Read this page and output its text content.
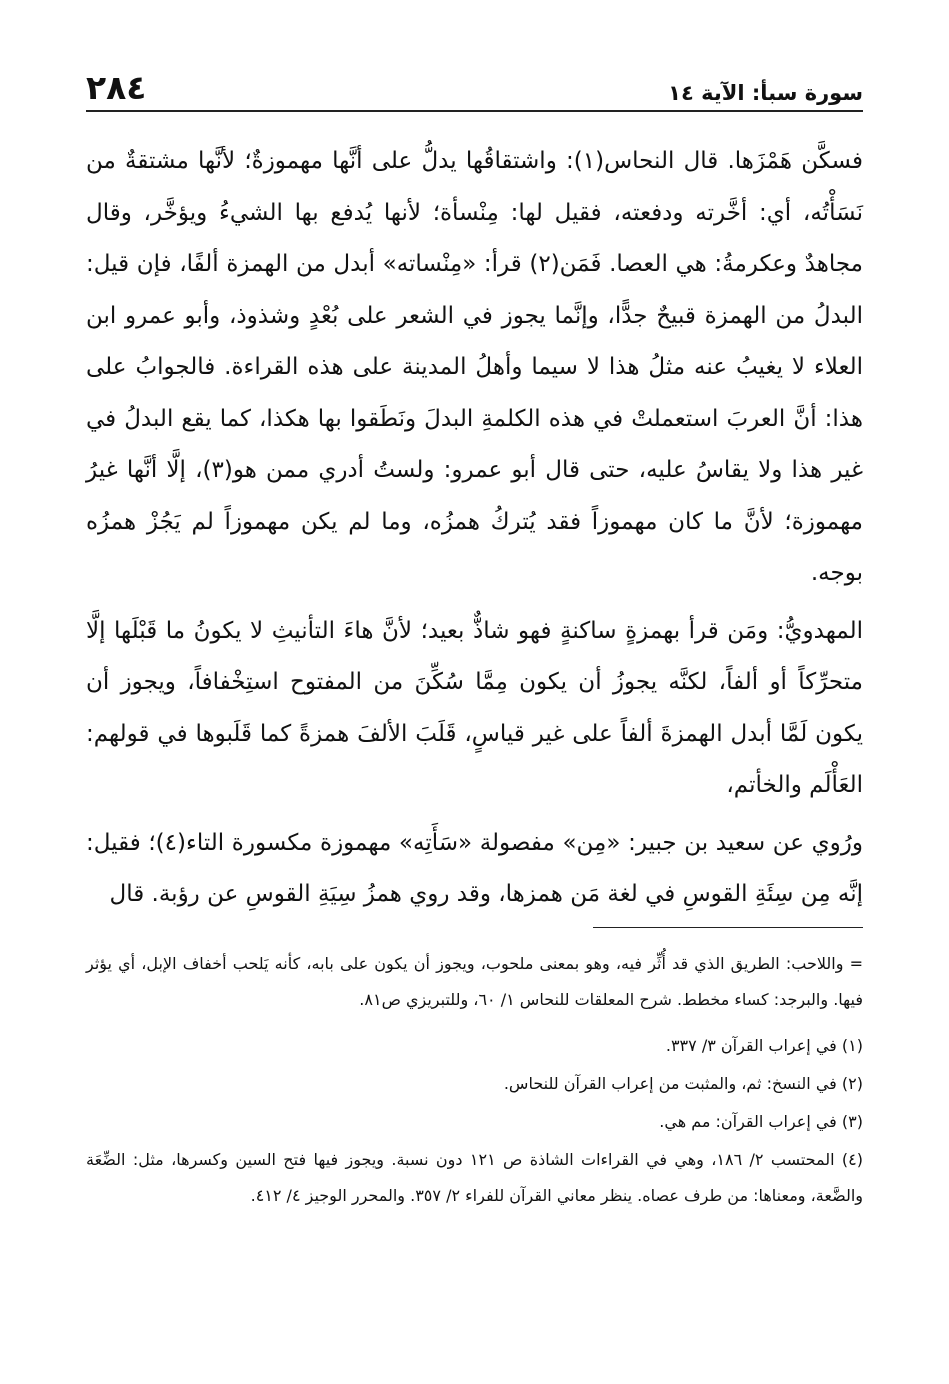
سورة سبأ: الآية ١٤
٢٨٤

فسكَّن هَمْزَها. قال النحاس(١): واشتقاقُها يدلُّ على أنَّها مهموزةٌ؛ لأنَّها مشتقةٌ من نَسَأْتُه، أي: أخَّرته ودفعته، فقيل لها: مِنْسأة؛ لأنها يُدفع بها الشيءُ ويؤخَّر، وقال مجاهدٌ وعكرمةُ: هي العصا. فَمَن(٢) قرأ: «مِنْساته» أبدل من الهمزة ألفًا، فإن قيل: البدلُ من الهمزة قبيحٌ جدًّا، وإنَّما يجوز في الشعر على بُعْدٍ وشذوذ، وأبو عمرو ابن العلاء لا يغيبُ عنه مثلُ هذا لا سيما وأهلُ المدينة على هذه القراءة. فالجوابُ على هذا: أنَّ العربَ استعملتْ في هذه الكلمةِ البدلَ ونَطَقوا بها هكذا، كما يقع البدلُ في غير هذا ولا يقاسُ عليه، حتى قال أبو عمرو: ولستُ أدري ممن هو(٣)، إلَّا أنَّها غيرُ مهموزة؛ لأنَّ ما كان مهموزاً فقد يُتركُ همزُه، وما لم يكن مهموزاً لم يَجُزْ همزُه بوجه.

المهدويُّ: ومَن قرأ بهمزةٍ ساكنةٍ فهو شاذٌّ بعيد؛ لأنَّ هاءَ التأنيثِ لا يكونُ ما قَبْلَها إلَّا متحرِّكاً أو ألفاً، لكنَّه يجوزُ أن يكون مِمَّا سُكِّنَ من المفتوح استِخْفافاً، ويجوز أن يكون لَمَّا أبدل الهمزةَ ألفاً على غير قياسٍ، قَلَبَ الألفَ همزةً كما قَلَبوها في قولهم: العَأْلَم والخأتم،

ورُوي عن سعيد بن جبير: «مِن» مفصولة «سَأَتِه» مهموزة مكسورة التاء(٤)؛ فقيل: إنَّه مِن سِئَةِ القوسِ في لغة مَن همزها، وقد روي همزُ سِيَةِ القوسِ عن رؤبة. قال

= واللاحب: الطريق الذي قد أُثِّر فيه، وهو بمعنى ملحوب، ويجوز أن يكون على بابه، كأنه يَلحب أخفاف الإبل، أي يؤثر فيها. والبرجد: كساء مخطط. شرح المعلقات للنحاس ١/ ٦٠، وللتبريزي ص٨١.

(١) في إعراب القرآن ٣/ ٣٣٧.

(٢) في النسخ: ثم، والمثبت من إعراب القرآن للنحاس.

(٣) في إعراب القرآن: مم هي.

(٤) المحتسب ٢/ ١٨٦، وهي في القراءات الشاذة ص ١٢١ دون نسبة. ويجوز فيها فتح السين وكسرها، مثل: الضِّعَة والضَّعة، ومعناها: من طرف عصاه. ينظر معاني القرآن للفراء ٢/ ٣٥٧. والمحرر الوجيز ٤/ ٤١٢.
